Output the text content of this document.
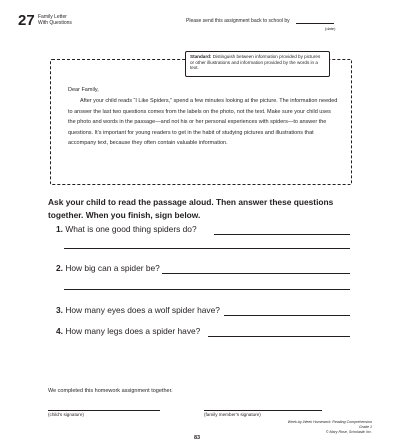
27 Family Letter
With Questions	Please send this assignment back to school by
(date)
Standard: Distinguish between information provided by pictures or other illustrations and information provided by the words in a text.
Dear Family,
After your child reads “I Like Spiders,” spend a few minutes looking at the picture. The information needed to answer the last two questions comes from the labels on the photo, not the text. Make sure your child uses the photo and words in the passage—and not his or her personal experiences with spiders—to answer the questions. It’s important for young readers to get in the habit of studying pictures and illustrations that accompany text, because they often contain valuable information.
Ask your child to read the passage aloud. Then answer these questions together. When you finish, sign below.
1. What is one good thing spiders do?
2. How big can a spider be?
3. How many eyes does a wolf spider have?
4. How many legs does a spider have?
We completed this homework assignment together.
(child’s signature)	(family member’s signature)
Week-by-Week Homework: Reading Comprehension Grade 1
© Mary Rose, Scholastic Inc.
83
